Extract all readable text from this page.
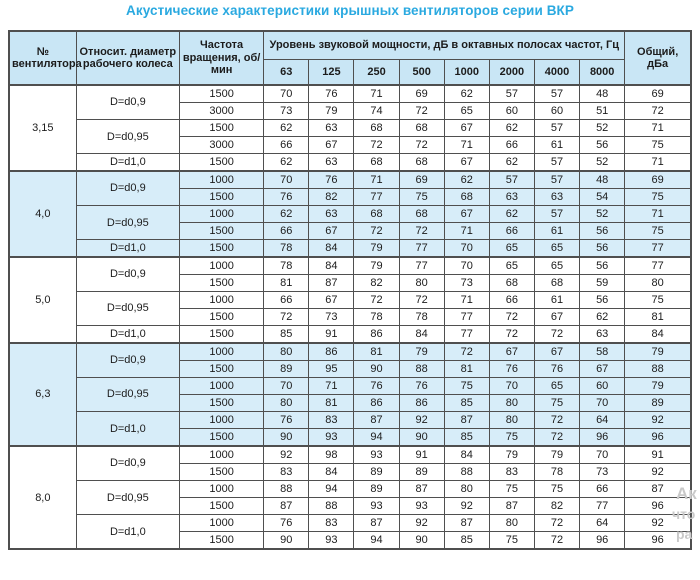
Акустические характеристики крышных вентиляторов серии ВКР
№ вентилятора	Относит. диаметр рабочего колеса	Частота вращения, об/мин	Уровень звуковой мощности, дБ в октавных полосах частот, Гц								Общий, дБа
			63	125	250	500	1000	2000	4000	8000	
3,15	D=d0,9	1500	70	76	71	69	62	57	57	48	69
		3000	73	79	74	72	65	60	60	51	72
	D=d0,95	1500	62	63	68	68	67	62	57	52	71
		3000	66	67	72	72	71	66	61	56	75
	D=d1,0	1500	62	63	68	68	67	62	57	52	71
4,0	D=d0,9	1000	70	76	71	69	62	57	57	48	69
		1500	76	82	77	75	68	63	63	54	75
	D=d0,95	1000	62	63	68	68	67	62	57	52	71
		1500	66	67	72	72	71	66	61	56	75
	D=d1,0	1500	78	84	79	77	70	65	65	56	77
5,0	D=d0,9	1000	78	84	79	77	70	65	65	56	77
		1500	81	87	82	80	73	68	68	59	80
	D=d0,95	1000	66	67	72	72	71	66	61	56	75
		1500	72	73	78	78	77	72	67	62	81
	D=d1,0	1500	85	91	86	84	77	72	72	63	84
6,3	D=d0,9	1000	80	86	81	79	72	67	67	58	79
		1500	89	95	90	88	81	76	76	67	88
	D=d0,95	1000	70	71	76	76	75	70	65	60	79
		1500	80	81	86	86	85	80	75	70	89
	D=d1,0	1000	76	83	87	92	87	80	72	64	92
		1500	90	93	94	90	85	75	72	96	96
8,0	D=d0,9	1000	92	98	93	91	84	79	79	70	91
		1500	83	84	89	89	88	83	78	73	92
	D=d0,95	1000	88	94	89	87	80	75	75	66	87
		1500	87	88	93	93	92	87	82	77	96
	D=d1,0	1000	76	83	87	92	87	80	72	64	92
		1500	90	93	94	90	85	75	72	96	96
Ак
что
ра
